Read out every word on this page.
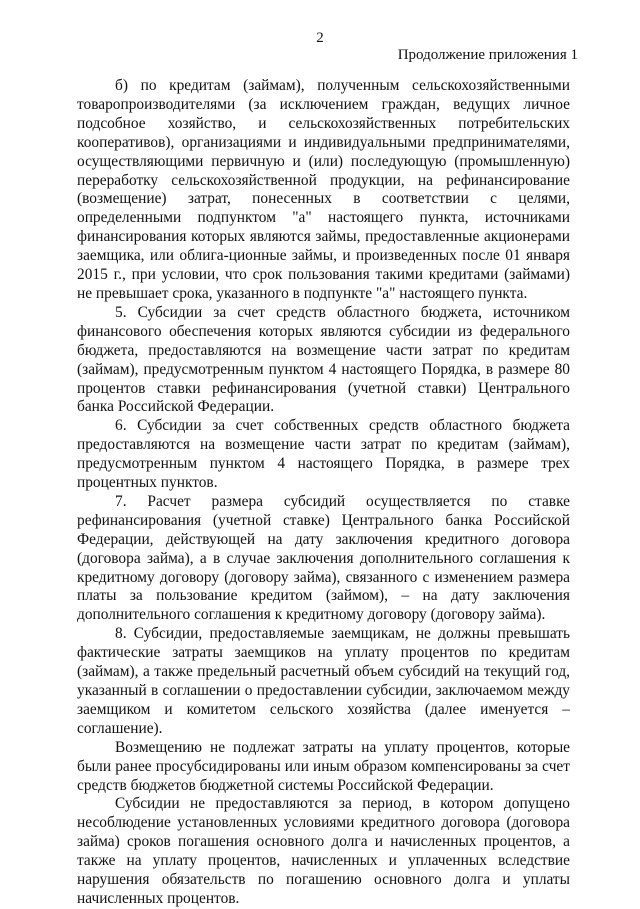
2
Продолжение приложения 1

б) по кредитам (займам), полученным сельскохозяйственными товаропроизводителями (за исключением граждан, ведущих личное подсобное хозяйство, и сельскохозяйственных потребительских кооперативов), организациями и индивидуальными предпринимателями, осуществляющими первичную и (или) последующую (промышленную) переработку сельскохозяйственной продукции, на рефинансирование (возмещение) затрат, понесенных в соответствии с целями, определенными подпунктом "а" настоящего пункта, источниками финансирования которых являются займы, предоставленные акционерами заемщика, или облига-ционные займы, и произведенных после 01 января 2015 г., при условии, что срок пользования такими кредитами (займами) не превышает срока, указанного в подпункте "а" настоящего пункта.

5. Субсидии за счет средств областного бюджета, источником финансового обеспечения которых являются субсидии из федерального бюджета, предоставляются на возмещение части затрат по кредитам (займам), предусмотренным пунктом 4 настоящего Порядка, в размере 80 процентов ставки рефинансирования (учетной ставки) Центрального банка Российской Федерации.

6. Субсидии за счет собственных средств областного бюджета предоставляются на возмещение части затрат по кредитам (займам), предусмотренным пунктом 4 настоящего Порядка, в размере трех процентных пунктов.

7. Расчет размера субсидий осуществляется по ставке рефинансирования (учетной ставке) Центрального банка Российской Федерации, действующей на дату заключения кредитного договора (договора займа), а в случае заключения дополнительного соглашения к кредитному договору (договору займа), связанного с изменением размера платы за пользование кредитом (займом), – на дату заключения дополнительного соглашения к кредитному договору (договору займа).

8. Субсидии, предоставляемые заемщикам, не должны превышать фактические затраты заемщиков на уплату процентов по кредитам (займам), а также предельный расчетный объем субсидий на текущий год, указанный в соглашении о предоставлении субсидии, заключаемом между заемщиком и комитетом сельского хозяйства (далее именуется – соглашение).

Возмещению не подлежат затраты на уплату процентов, которые были ранее просубсидированы или иным образом компенсированы за счет средств бюджетов бюджетной системы Российской Федерации.

Субсидии не предоставляются за период, в котором допущено несоблюдение установленных условиями кредитного договора (договора займа) сроков погашения основного долга и начисленных процентов, а также на уплату процентов, начисленных и уплаченных вследствие нарушения обязательств по погашению основного долга и уплаты начисленных процентов.
